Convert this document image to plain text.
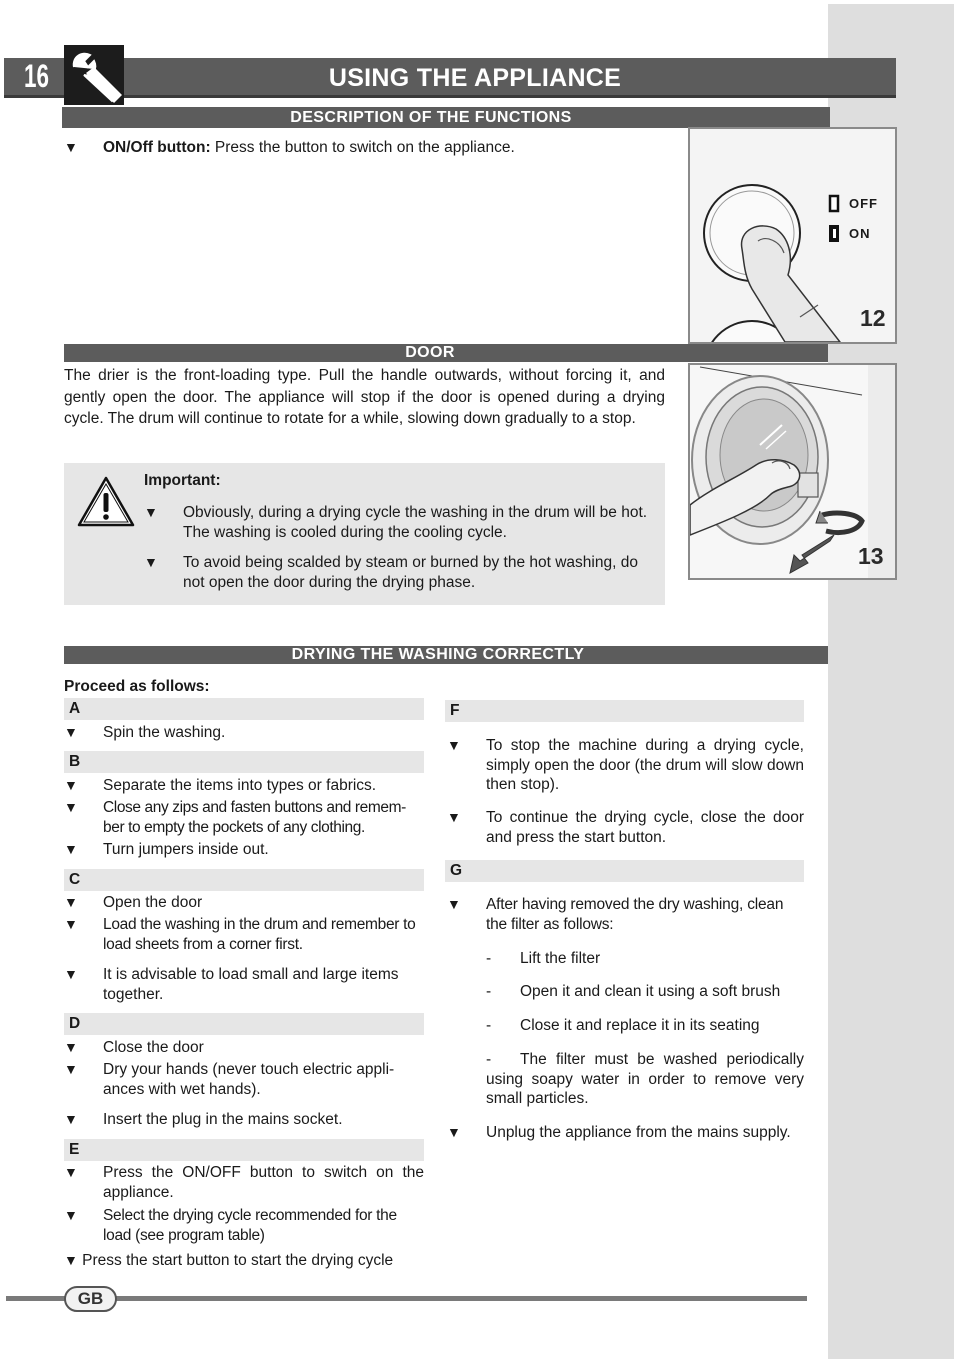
16	USING THE APPLIANCE
DESCRIPTION OF THE FUNCTIONS
▼	ON/Off button: Press the button to switch on the appliance.
OFF
ON
12
DOOR
The drier is the front-loading type. Pull the handle outwards, without forcing it, and gently open the door. The appliance will stop if the door is opened during a drying cycle. The drum will continue to rotate for a while, slowing down gradually to a stop.
13
Important:
▼	Obviously, during a drying cycle the washing in the drum will be hot. The washing is cooled during the cooling cycle.
▼	To avoid being scalded by steam or burned by the hot washing, do not open the door during the drying phase.
DRYING THE WASHING CORRECTLY
Proceed as follows:
A
▼	Spin the washing.
B
▼	Separate the items into types or fabrics.
▼	Close any zips and fasten buttons and remem- ber to empty the pockets of any clothing.
▼	Turn jumpers inside out.
C
▼	Open the door
▼	Load the washing in the drum and remember to load sheets from a corner first.
▼	It is advisable to load small and large items together.
D
▼	Close the door
▼	Dry your hands (never touch electric appli- ances with wet hands).
▼	Insert the plug in the mains socket.
E
▼	Press the ON/OFF button to switch on the appliance.
▼	Select the drying cycle recommended for the load (see program table)
▼ Press the start button to start the drying cycle
F
▼	To stop the machine during a drying cycle, simply open the door (the drum will slow down then stop).
▼	To continue the drying cycle, close the door and press the start button.
G
▼	After having removed the dry washing, clean the filter as follows:
- Lift the filter
- Open it and clean it using a soft brush
- Close it and replace it in its seating
-	The filter must be washed periodically using soapy water in order to remove very small particles.
▼	Unplug the appliance from the mains supply.
GB
